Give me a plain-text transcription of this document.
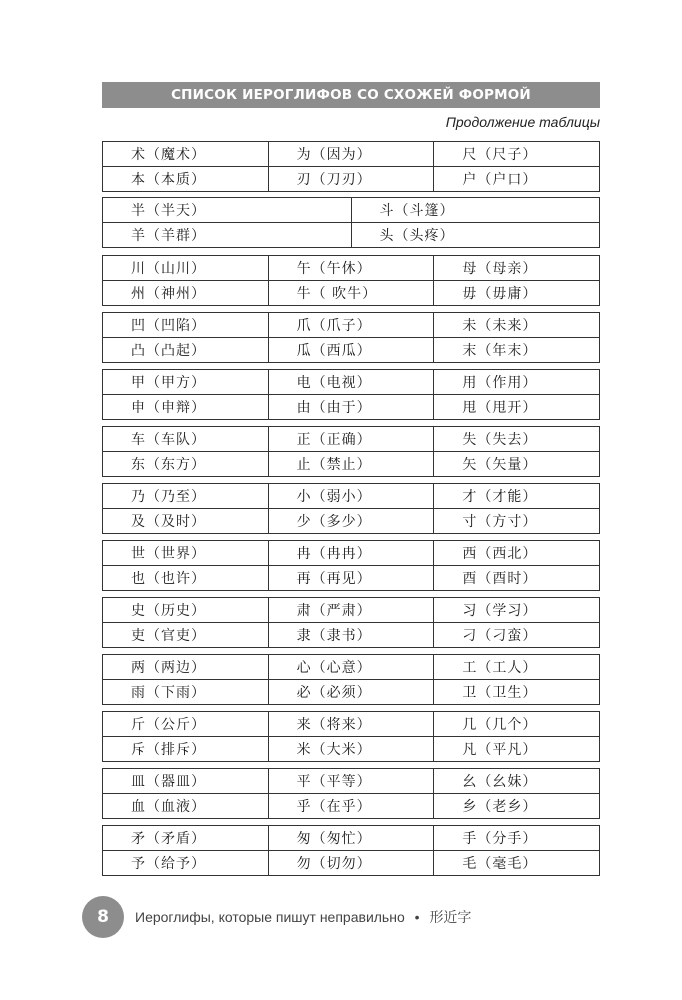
СПИСОК ИЕРОГЛИФОВ СО СХОЖЕЙ ФОРМОЙ
Продолжение таблицы
术（魔术）	为（因为）	尺（尺子）
本（本质）	刃（刀刃）	户（户口）
半（半天）	斗（斗篷）
羊（羊群）	头（头疼）
川（山川）	午（午休）	母（母亲）
州（神州）	牛（ 吹牛）	毋（毋庸）
凹（凹陷）	爪（爪子）	未（未来）
凸（凸起）	瓜（西瓜）	末（年末）
甲（甲方）	电（电视）	用（作用）
申（申辩）	由（由于）	甩（甩开）
车（车队）	正（正确）	失（失去）
东（东方）	止（禁止）	矢（矢量）
乃（乃至）	小（弱小）	才（才能）
及（及时）	少（多少）	寸（方寸）
世（世界）	冉（冉冉）	西（西北）
也（也许）	再（再见）	酉（酉时）
史（历史）	肃（严肃）	习（学习）
吏（官吏）	隶（隶书）	刁（刁蛮）
两（两边）	心（心意）	工（工人）
雨（下雨）	必（必须）	卫（卫生）
斤（公斤）	来（将来）	几（几个）
斥（排斥）	米（大米）	凡（平凡）
皿（器皿）	平（平等）	幺（幺妹）
血（血液）	乎（在乎）	乡（老乡）
矛（矛盾）	匆（匆忙）	手（分手）
予（给予）	勿（切勿）	毛（毫毛）
8 Иероглифы, которые пишут неправильно • 形近字
